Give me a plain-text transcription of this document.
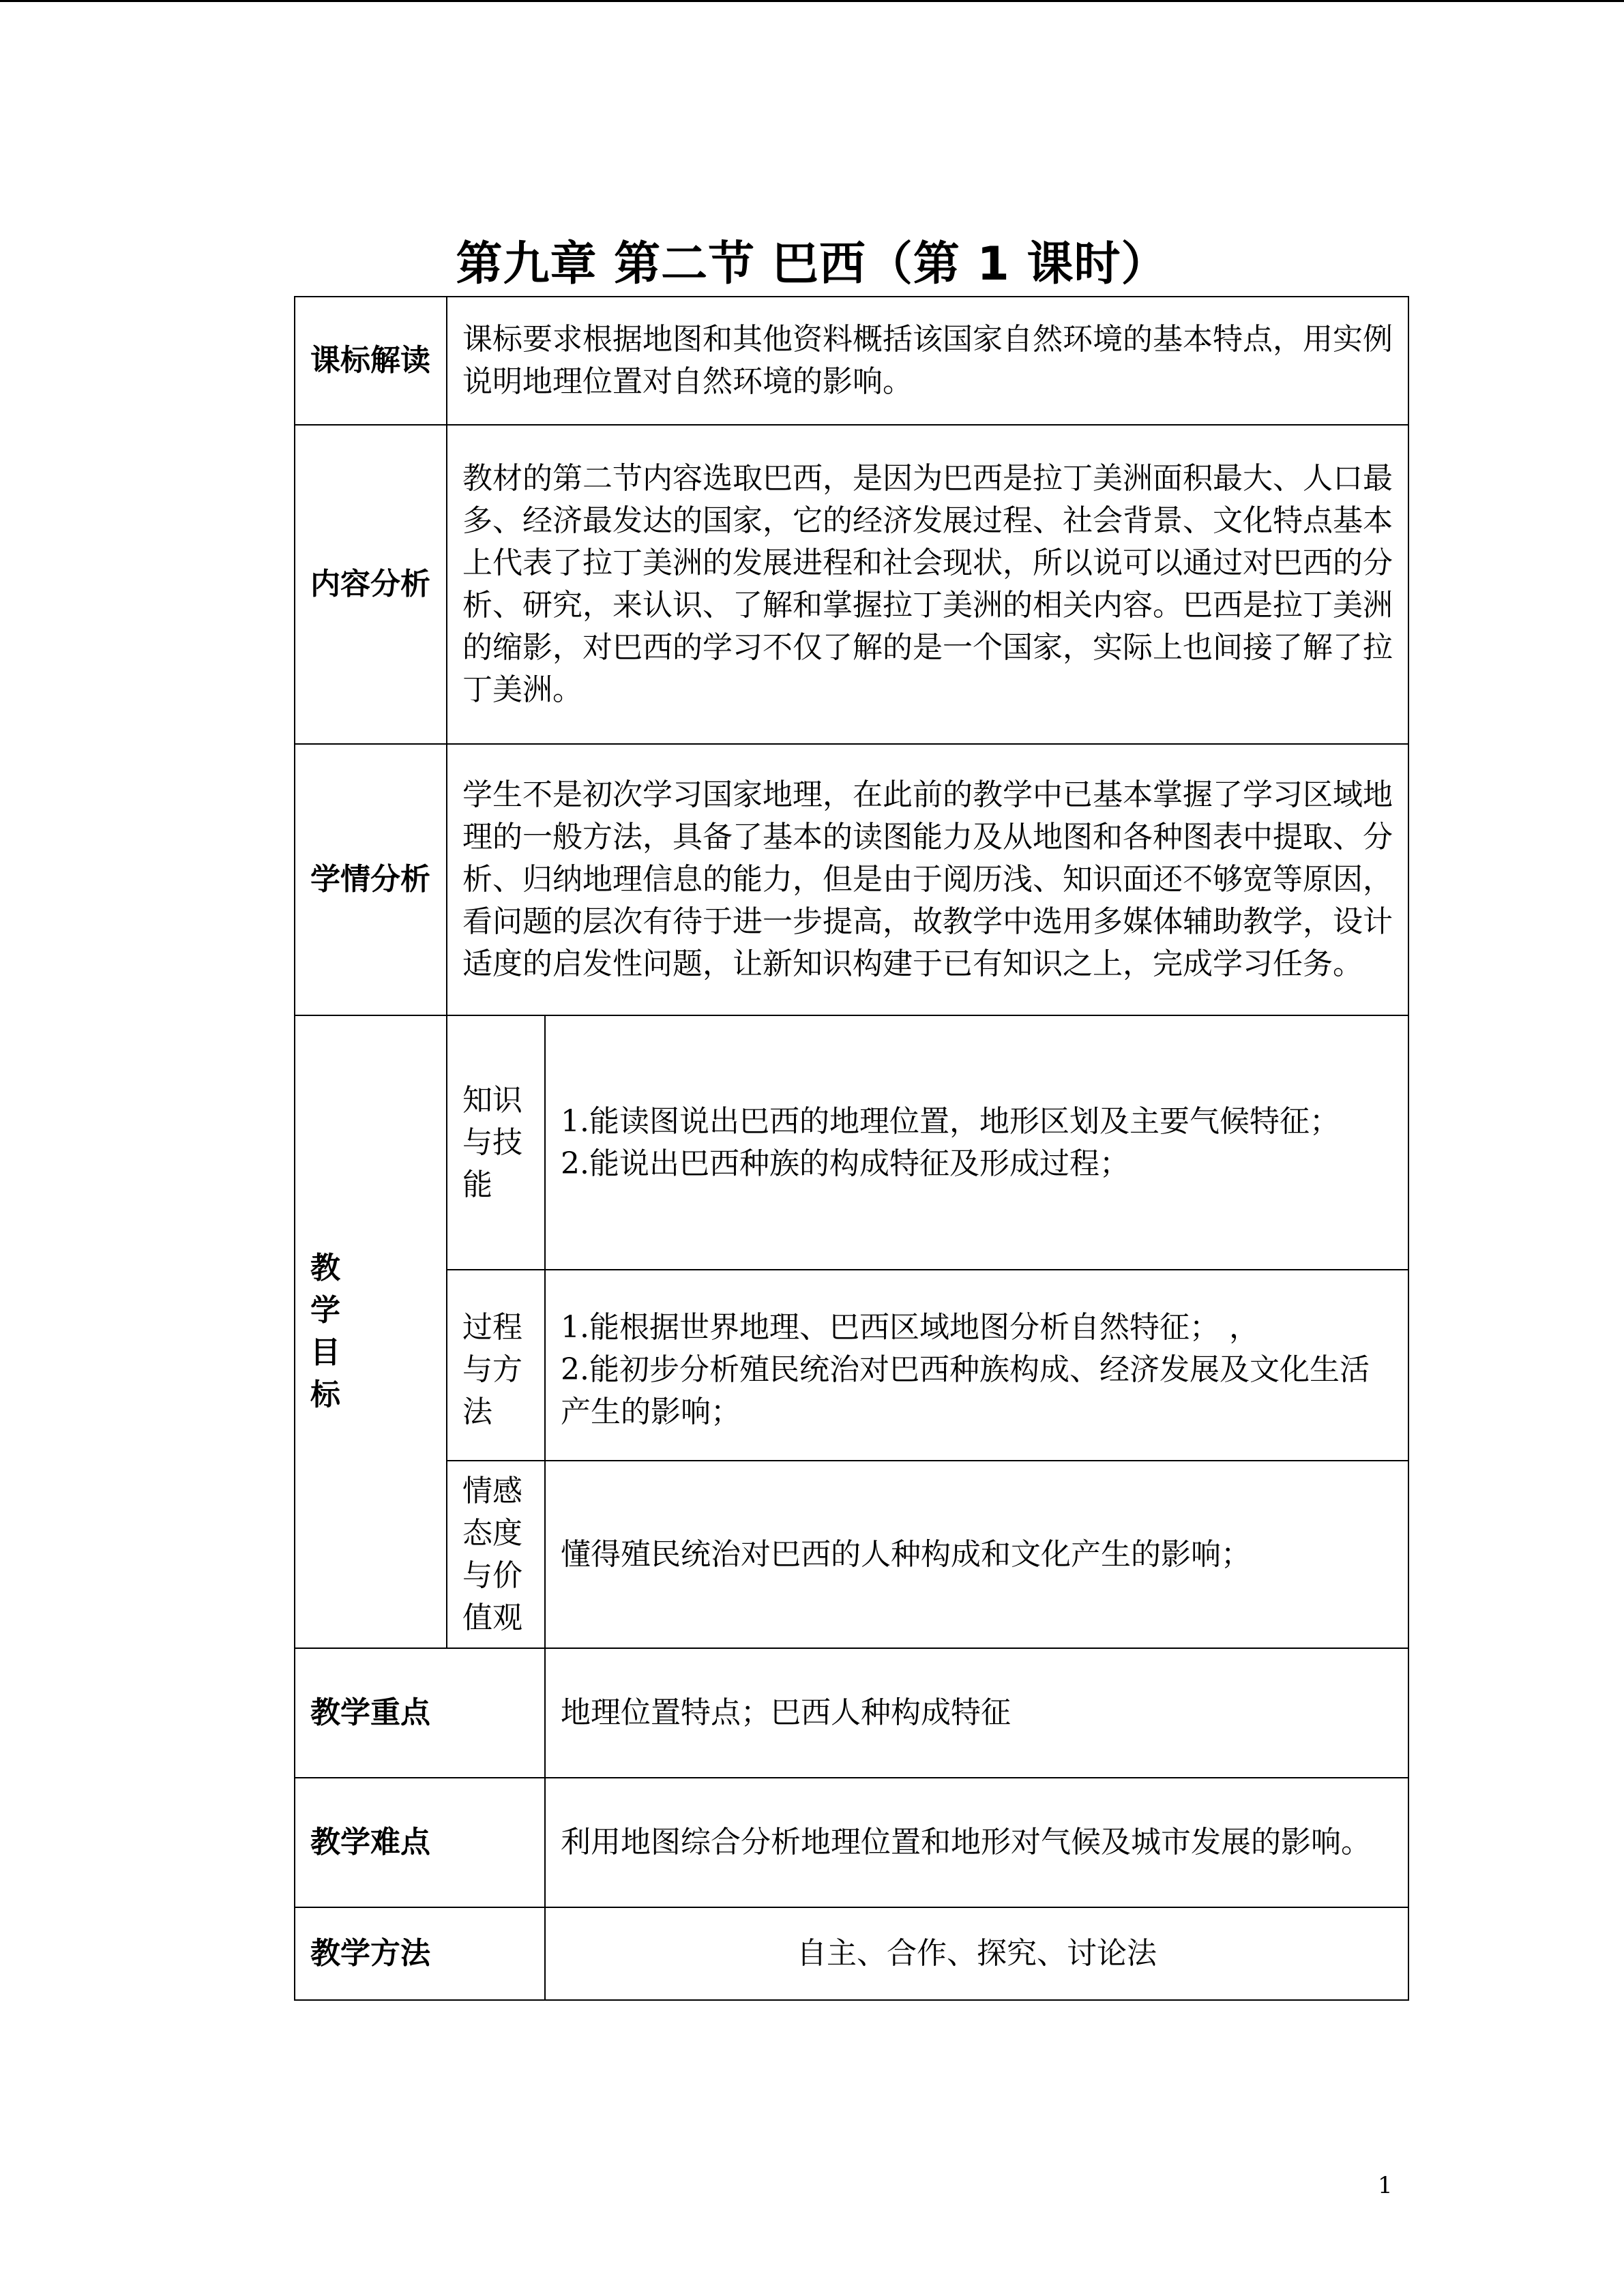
第九章 第二节 巴西（第 1 课时）
课标解读	课标要求根据地图和其他资料概括该国家自然环境的基本特点，用实例说明地理位置对自然环境的影响。	
内容分析	教材的第二节内容选取巴西，是因为巴西是拉丁美洲面积最大、人口最多、经济最发达的国家，它的经济发展过程、社会背景、文化特点基本上代表了拉丁美洲的发展进程和社会现状，所以说可以通过对巴西的分析、研究，来认识、了解和掌握拉丁美洲的相关内容。巴西是拉丁美洲的缩影，对巴西的学习不仅了解的是一个国家，实际上也间接了解了拉丁美洲。	
学情分析	学生不是初次学习国家地理，在此前的教学中已基本掌握了学习区域地理的一般方法，具备了基本的读图能力及从地图和各种图表中提取、分析、归纳地理信息的能力，但是由于阅历浅、知识面还不够宽等原因，看问题的层次有待于进一步提高，故教学中选用多媒体辅助教学，设计适度的启发性问题，让新知识构建于已有知识之上，完成学习任务。	

教学目标	知识与技能	1.能读图说出巴西的地理位置，地形区划及主要气候特征；
2.能说出巴西种族的构成特征及形成过程；

	过程与方法	1.能根据世界地理、巴西区域地图分析自然特征； ，
2.能初步分析殖民统治对巴西种族构成、经济发展及文化生活产生的影响；

	情感态度与价值观	懂得殖民统治对巴西的人种构成和文化产生的影响；
教学重点		地理位置特点；巴西人种构成特征
教学难点		利用地图综合分析地理位置和地形对气候及城市发展的影响。
教学方法		自主、合作、探究、讨论法
1
